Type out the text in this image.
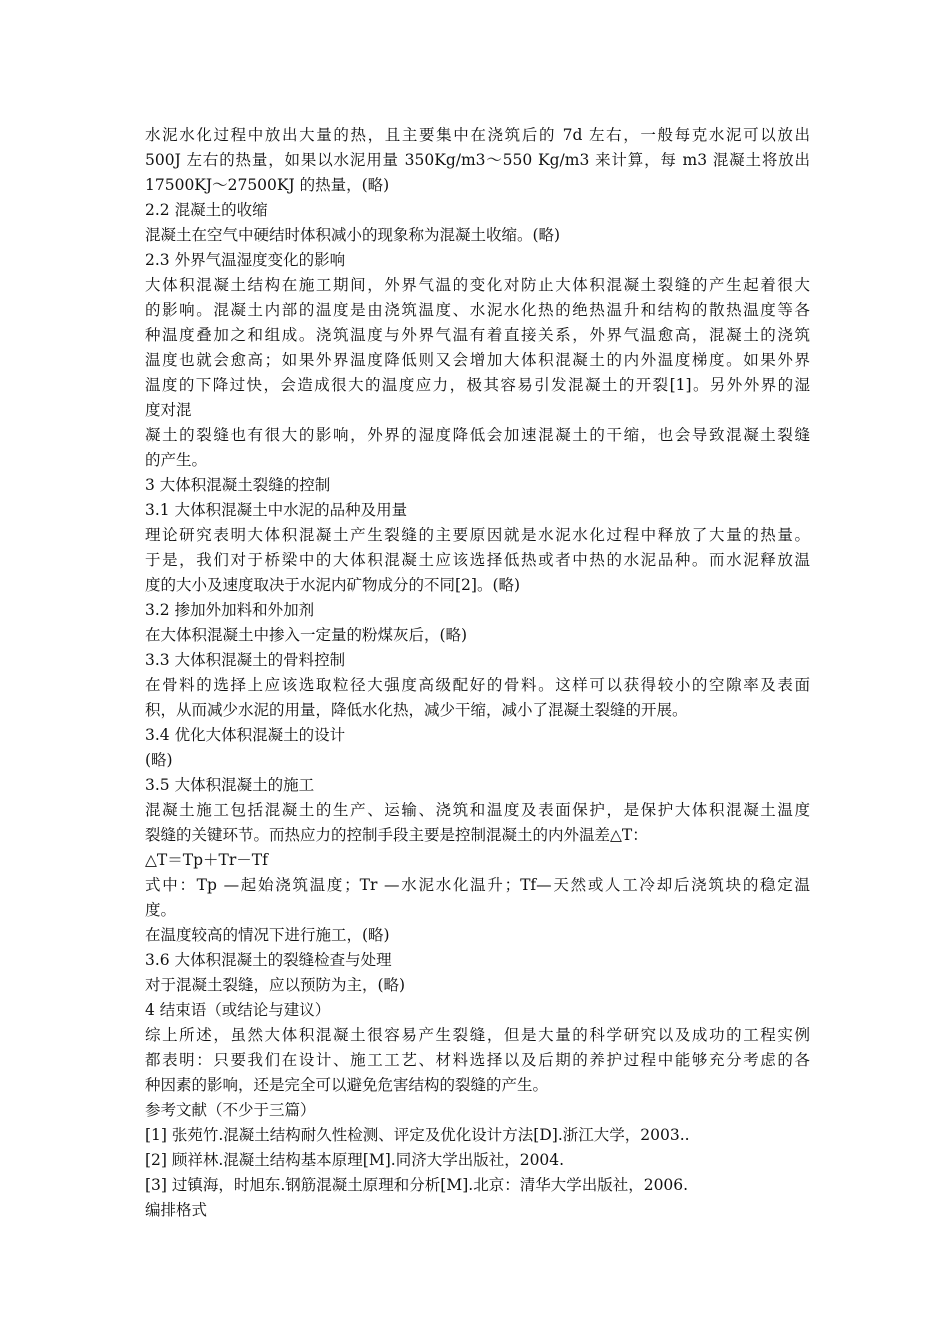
水泥水化过程中放出大量的热，且主要集中在浇筑后的 7d 左右，一般每克水泥可以放出
500J 左右的热量，如果以水泥用量 350Kg/m3～550 Kg/m3 来计算，每 m3 混凝土将放出
17500KJ～27500KJ 的热量，(略)
2.2 混凝土的收缩
混凝土在空气中硬结时体积减小的现象称为混凝土收缩。(略)
2.3 外界气温湿度变化的影响
大体积混凝土结构在施工期间，外界气温的变化对防止大体积混凝土裂缝的产生起着很大
的影响。混凝土内部的温度是由浇筑温度、水泥水化热的绝热温升和结构的散热温度等各
种温度叠加之和组成。浇筑温度与外界气温有着直接关系，外界气温愈高，混凝土的浇筑
温度也就会愈高；如果外界温度降低则又会增加大体积混凝土的内外温度梯度。如果外界
温度的下降过快，会造成很大的温度应力，极其容易引发混凝土的开裂[1]。另外外界的湿
度对混
凝土的裂缝也有很大的影响，外界的湿度降低会加速混凝土的干缩，也会导致混凝土裂缝
的产生。
3 大体积混凝土裂缝的控制
3.1 大体积混凝土中水泥的品种及用量
理论研究表明大体积混凝土产生裂缝的主要原因就是水泥水化过程中释放了大量的热量。
于是，我们对于桥梁中的大体积混凝土应该选择低热或者中热的水泥品种。而水泥释放温
度的大小及速度取决于水泥内矿物成分的不同[2]。(略)
3.2 掺加外加料和外加剂
在大体积混凝土中掺入一定量的粉煤灰后，(略)
3.3 大体积混凝土的骨料控制
在骨料的选择上应该选取粒径大强度高级配好的骨料。这样可以获得较小的空隙率及表面
积，从而减少水泥的用量，降低水化热，减少干缩，减小了混凝土裂缝的开展。
3.4 优化大体积混凝土的设计
(略)
3.5 大体积混凝土的施工
混凝土施工包括混凝土的生产、运输、浇筑和温度及表面保护，是保护大体积混凝土温度
裂缝的关键环节。而热应力的控制手段主要是控制混凝土的内外温差△T：
△T＝Tp＋Tr－Tf
式中：Tp —起始浇筑温度；Tr —水泥水化温升；Tf—天然或人工冷却后浇筑块的稳定温
度。
在温度较高的情况下进行施工，(略)
3.6 大体积混凝土的裂缝检查与处理
对于混凝土裂缝，应以预防为主，(略)
4 结束语（或结论与建议）
综上所述，虽然大体积混凝土很容易产生裂缝，但是大量的科学研究以及成功的工程实例
都表明：只要我们在设计、施工工艺、材料选择以及后期的养护过程中能够充分考虑的各
种因素的影响，还是完全可以避免危害结构的裂缝的产生。
参考文献（不少于三篇）
[1] 张苑竹.混凝土结构耐久性检测、评定及优化设计方法[D].浙江大学，2003..
[2] 顾祥林.混凝土结构基本原理[M].同济大学出版社，2004.
[3] 过镇海，时旭东.钢筋混凝土原理和分析[M].北京：清华大学出版社，2006.
编排格式
